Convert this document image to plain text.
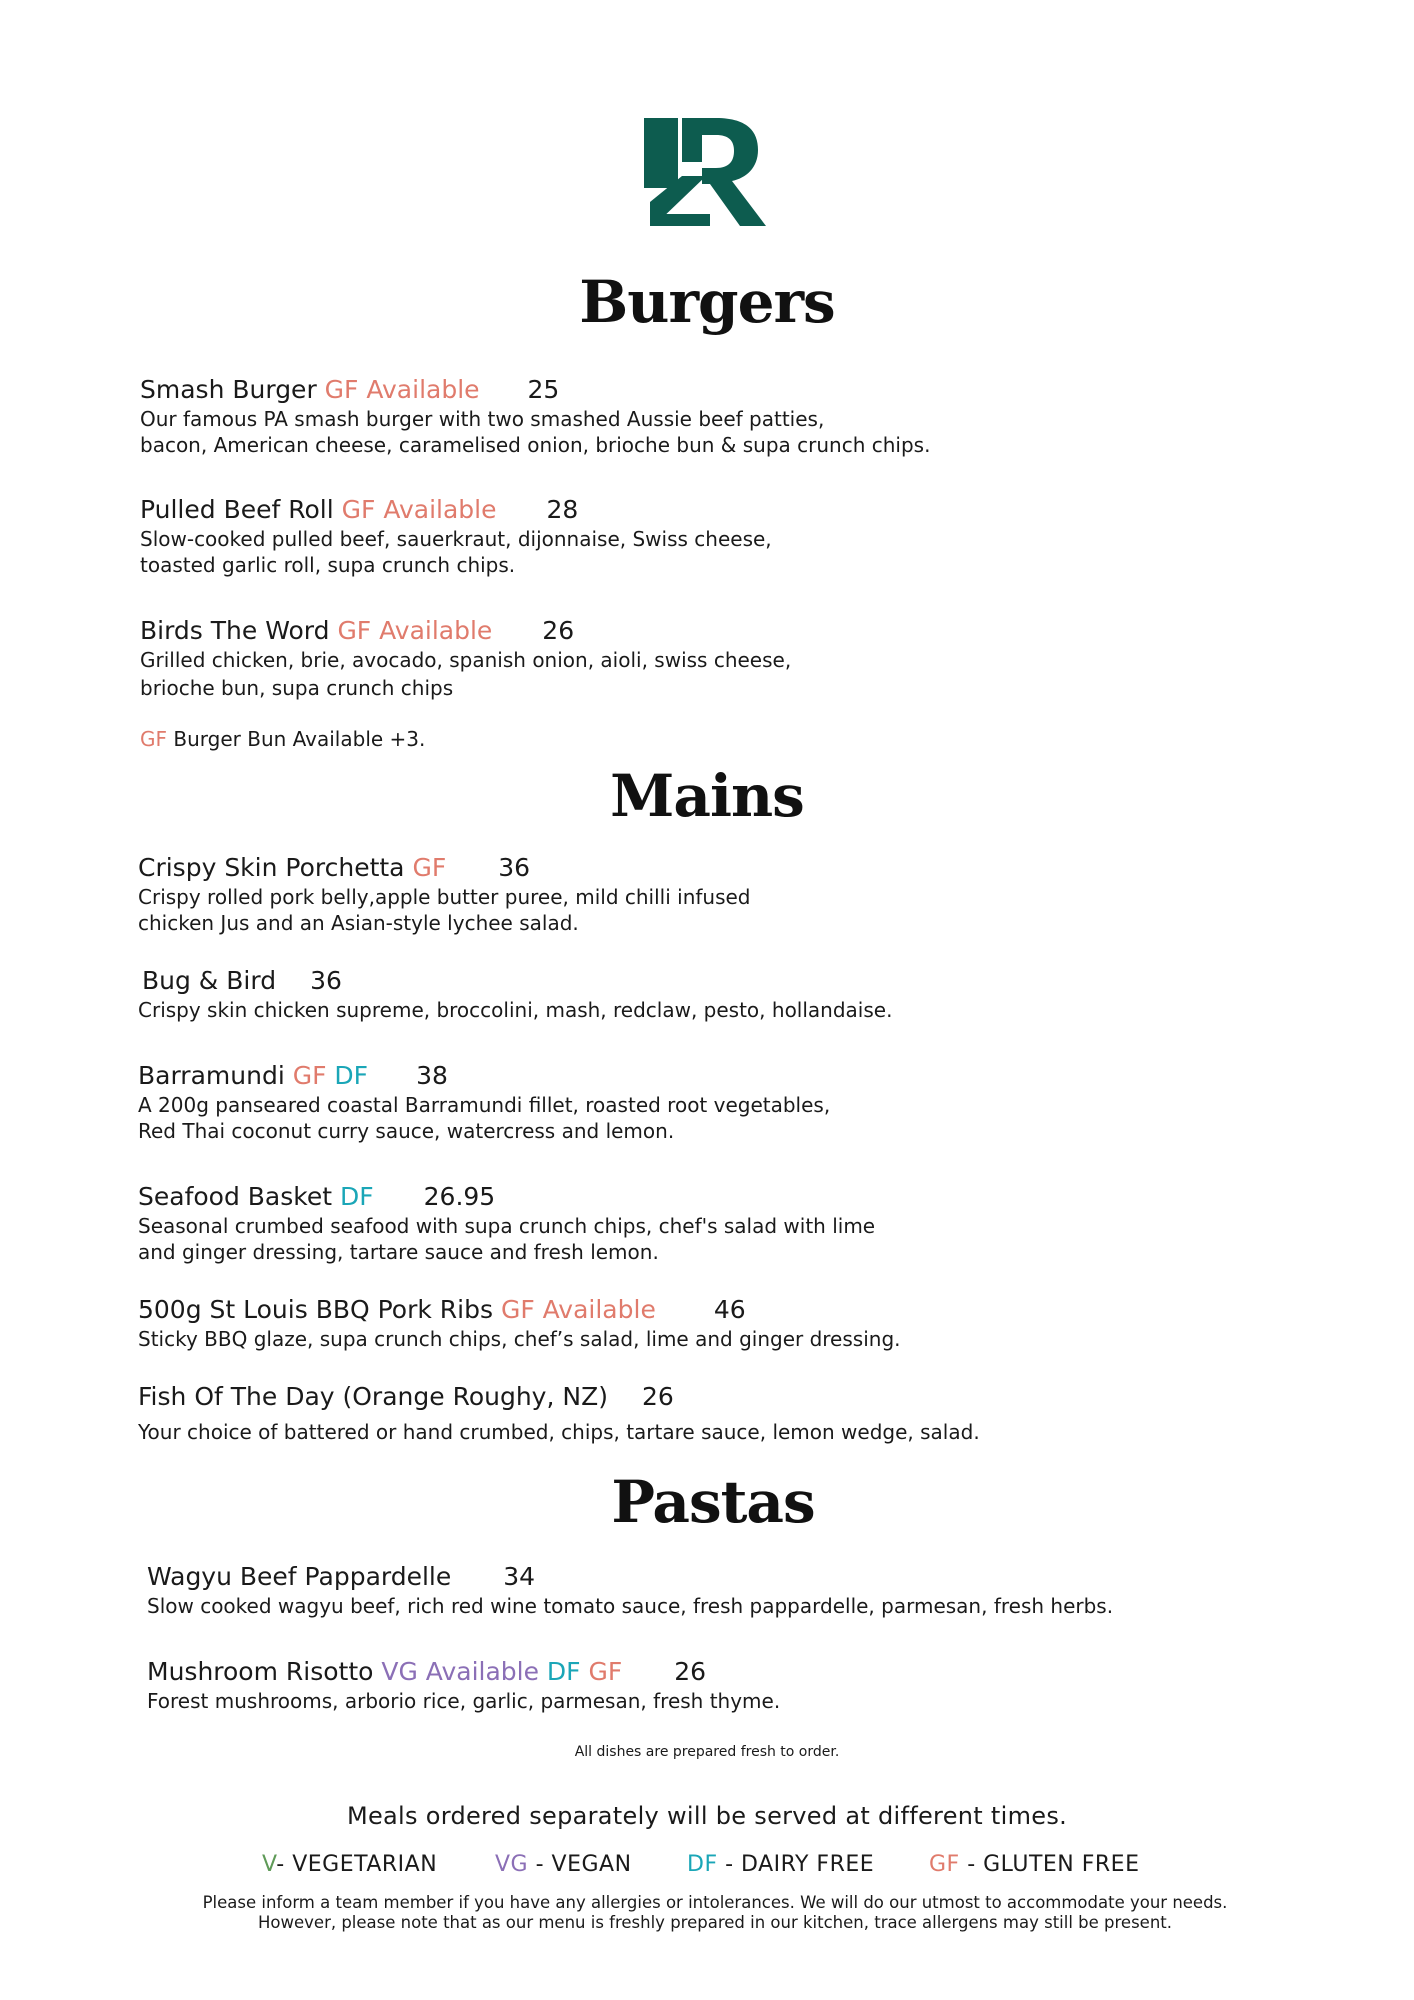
THE
Burgers
Smash Burger GF Available 25
Our famous PA smash burger with two smashed Aussie beef patties,
bacon, American cheese, caramelised onion, brioche bun & supa crunch chips.
Pulled Beef Roll GF Available 28
Slow-cooked pulled beef, sauerkraut, dijonnaise, Swiss cheese,
toasted garlic roll, supa crunch chips.
Birds The Word GF Available 26
Grilled chicken, brie, avocado, spanish onion, aioli, swiss cheese,
brioche bun, supa crunch chips
GF Burger Bun Available +3.
Mains
Crispy Skin Porchetta GF 36
Crispy rolled pork belly,apple butter puree, mild chilli infused
chicken Jus and an Asian-style lychee salad.
Bug & Bird 36
Crispy skin chicken supreme, broccolini, mash, redclaw, pesto, hollandaise.
Barramundi GF DF 38
A 200g panseared coastal Barramundi fillet, roasted root vegetables,
Red Thai coconut curry sauce, watercress and lemon.
Seafood Basket DF 26.95
Seasonal crumbed seafood with supa crunch chips, chef's salad with lime
and ginger dressing, tartare sauce and fresh lemon.
500g St Louis BBQ Pork Ribs GF Available 46
Sticky BBQ glaze, supa crunch chips, chef’s salad, lime and ginger dressing.
Fish Of The Day (Orange Roughy, NZ) 26
Your choice of battered or hand crumbed, chips, tartare sauce, lemon wedge, salad.
Pastas
Wagyu Beef Pappardelle 34
Slow cooked wagyu beef, rich red wine tomato sauce, fresh pappardelle, parmesan, fresh herbs.
Mushroom Risotto VG Available DF GF 26
Forest mushrooms, arborio rice, garlic, parmesan, fresh thyme.
All dishes are prepared fresh to order.
Meals ordered separately will be served at different times.
V- VEGETARIAN	VG - VEGAN	DF - DAIRY FREE GF - GLUTEN FREE
Please inform a team member if you have any allergies or intolerances. We will do our utmost to accommodate your needs. However, please note that as our menu is freshly prepared in our kitchen, trace allergens may still be present.
